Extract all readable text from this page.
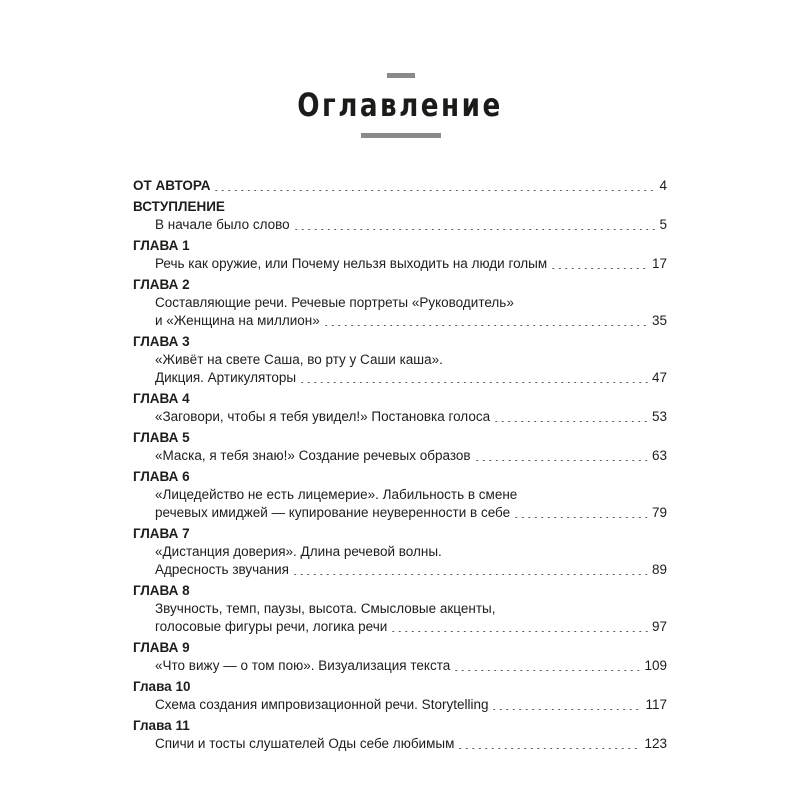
Оглавление
ОТ АВТОРА	4
ВСТУПЛЕНИЕ
В начале было слово	5
ГЛАВА 1
Речь как оружие, или Почему нельзя выходить на люди голым	17
ГЛАВА 2
Составляющие речи. Речевые портреты «Руководитель»
и «Женщина на миллион»	35
ГЛАВА 3
«Живёт на свете Саша, во рту у Саши каша».
Дикция. Артикуляторы	47
ГЛАВА 4
«Заговори, чтобы я тебя увидел!» Постановка голоса	53
ГЛАВА 5
«Маска, я тебя знаю!» Создание речевых образов	63
ГЛАВА 6
«Лицедейство не есть лицемерие». Лабильность в смене
речевых имиджей — купирование неуверенности в себе	79
ГЛАВА 7
«Дистанция доверия». Длина речевой волны.
Адресность звучания	89
ГЛАВА 8
Звучность, темп, паузы, высота. Смысловые акценты,
голосовые фигуры речи, логика речи	97
ГЛАВА 9
«Что вижу — о том пою». Визуализация текста	109
Глава 10
Схема создания импровизационной речи. Storytelling	117
Глава 11
Спичи и тосты слушателей Оды себе любимым	123
